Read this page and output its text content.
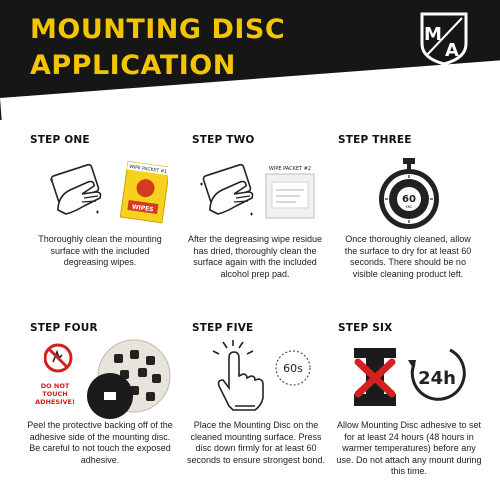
MOUNTING DISC
APPLICATION
M
A
MOB ARMOR.
STEP ONE
WIPE PACKET #1
WIPES
Thoroughly clean the mounting surface with the included degreasing wipes.
STEP TWO
WIPE PACKET #2
After the degreasing wipe residue has dried, thoroughly clean the surface again with the included alcohol prep pad.
STEP THREE
60
sec
Once thoroughly cleaned, allow the surface to dry for at least 60 seconds. There should be no visible cleaning product left.
STEP FOUR
DO NOT TOUCH ADHESIVE!
Peel the protective backing off of the adhesive side of the mounting disc. Be careful to not touch the exposed adhesive.
STEP FIVE
60s
Place the Mounting Disc on the cleaned mounting surface. Press disc down firmly for at least 60 seconds to ensure strongest bond.
STEP SIX
24h
Allow Mounting Disc adhesive to set for at least 24 hours (48 hours in warmer temperatures) before any use. Do not attach any mount during this time.
